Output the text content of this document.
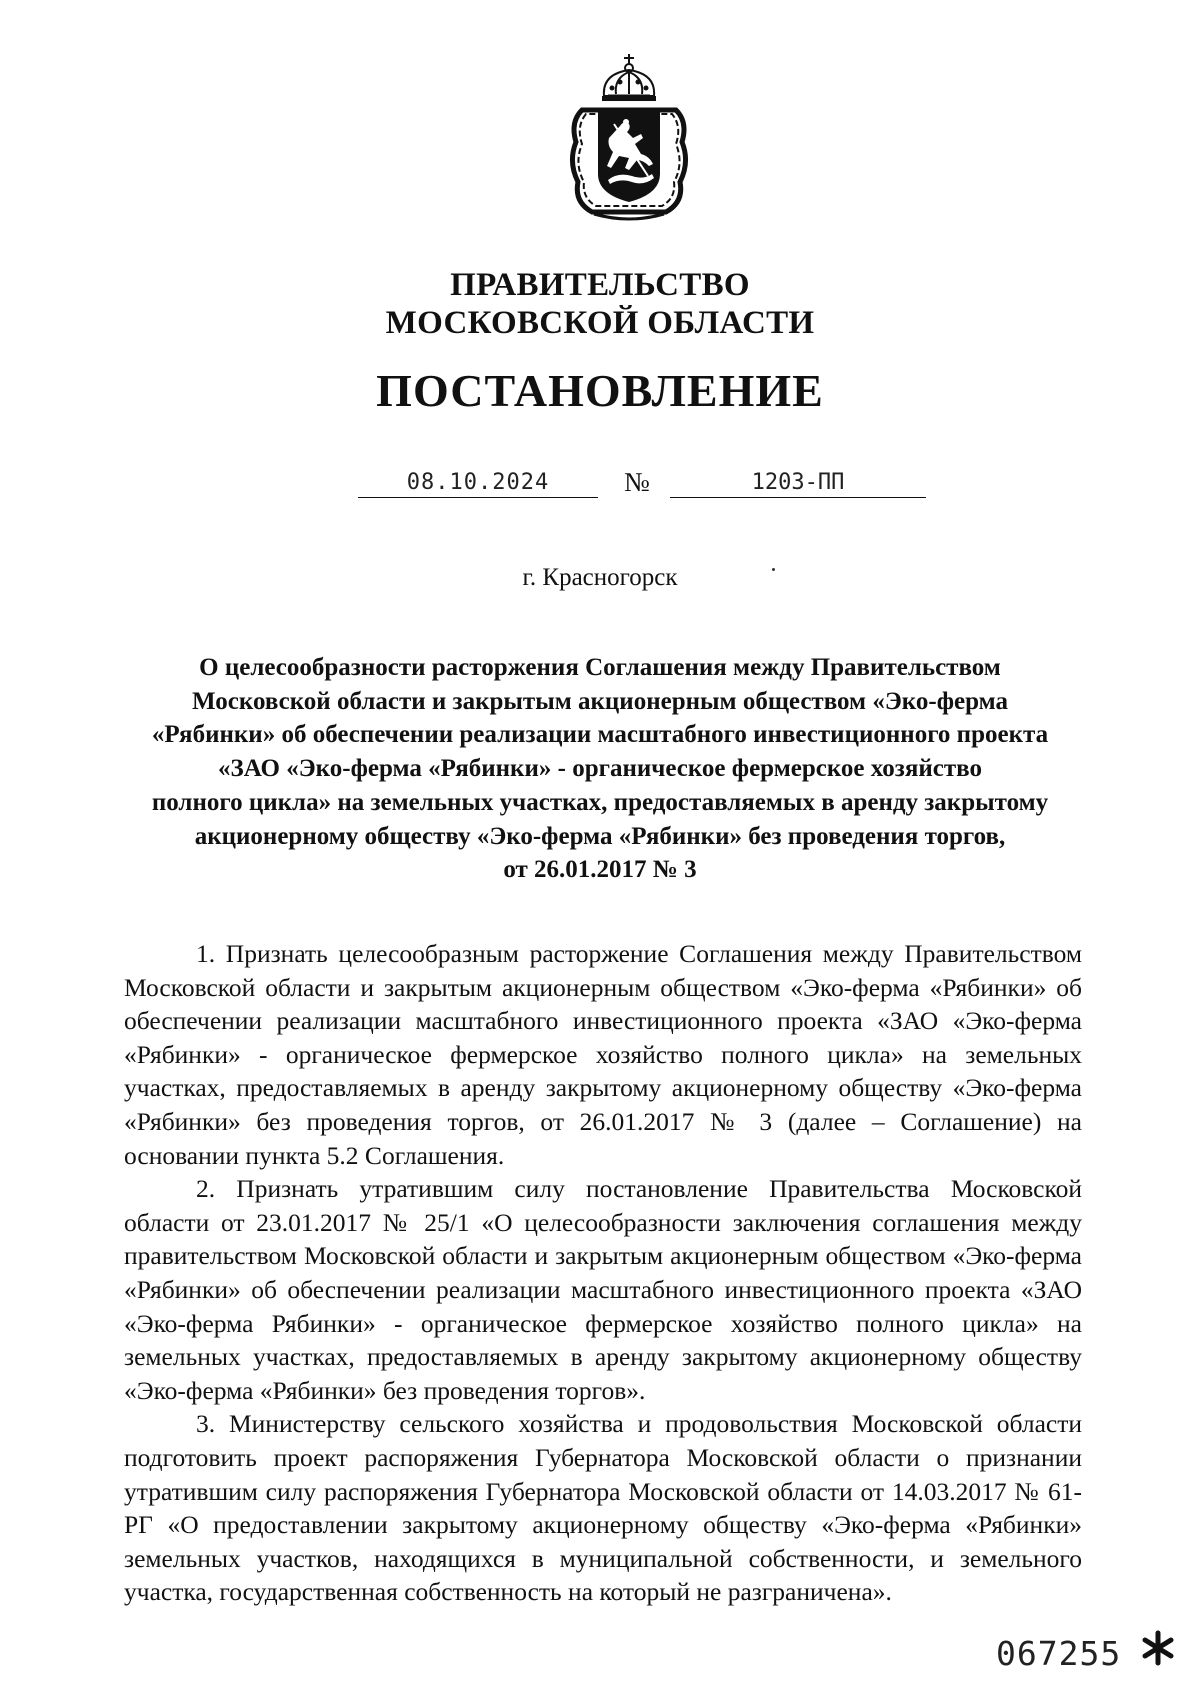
ПРАВИТЕЛЬСТВО
МОСКОВСКОЙ ОБЛАСТИ
ПОСТАНОВЛЕНИЕ
08.10.2024	№	1203-ПП
г. Красногорск
О целесообразности расторжения Соглашения между Правительством
Московской области и закрытым акционерным обществом «Эко-ферма
«Рябинки» об обеспечении реализации масштабного инвестиционного проекта
«ЗАО «Эко-ферма «Рябинки» - органическое фермерское хозяйство
полного цикла» на земельных участках, предоставляемых в аренду закрытому
акционерному обществу «Эко-ферма «Рябинки» без проведения торгов,
от 26.01.2017 № 3

1. Признать целесообразным расторжение Соглашения между Правительством Московской области и закрытым акционерным обществом «Эко-ферма «Рябинки» об обеспечении реализации масштабного инвестиционного проекта «ЗАО «Эко-ферма «Рябинки» - органическое фермерское хозяйство полного цикла» на земельных участках, предоставляемых в аренду закрытому акционерному обществу «Эко-ферма «Рябинки» без проведения торгов, от 26.01.2017 № 3 (далее – Соглашение) на основании пункта 5.2 Соглашения.

2. Признать утратившим силу постановление Правительства Московской области от 23.01.2017 № 25/1 «О целесообразности заключения соглашения между правительством Московской области и закрытым акционерным обществом «Эко-ферма «Рябинки» об обеспечении реализации масштабного инвестиционного проекта «ЗАО «Эко-ферма Рябинки» - органическое фермерское хозяйство полного цикла» на земельных участках, предоставляемых в аренду закрытому акционерному обществу «Эко-ферма «Рябинки» без проведения торгов».

3. Министерству сельского хозяйства и продовольствия Московской области подготовить проект распоряжения Губернатора Московской области о признании утратившим силу распоряжения Губернатора Московской области от 14.03.2017 № 61-РГ «О предоставлении закрытому акционерному обществу «Эко-ферма «Рябинки» земельных участков, находящихся в муниципальной собственности, и земельного участка, государственная собственность на который не разграничена».

067255
